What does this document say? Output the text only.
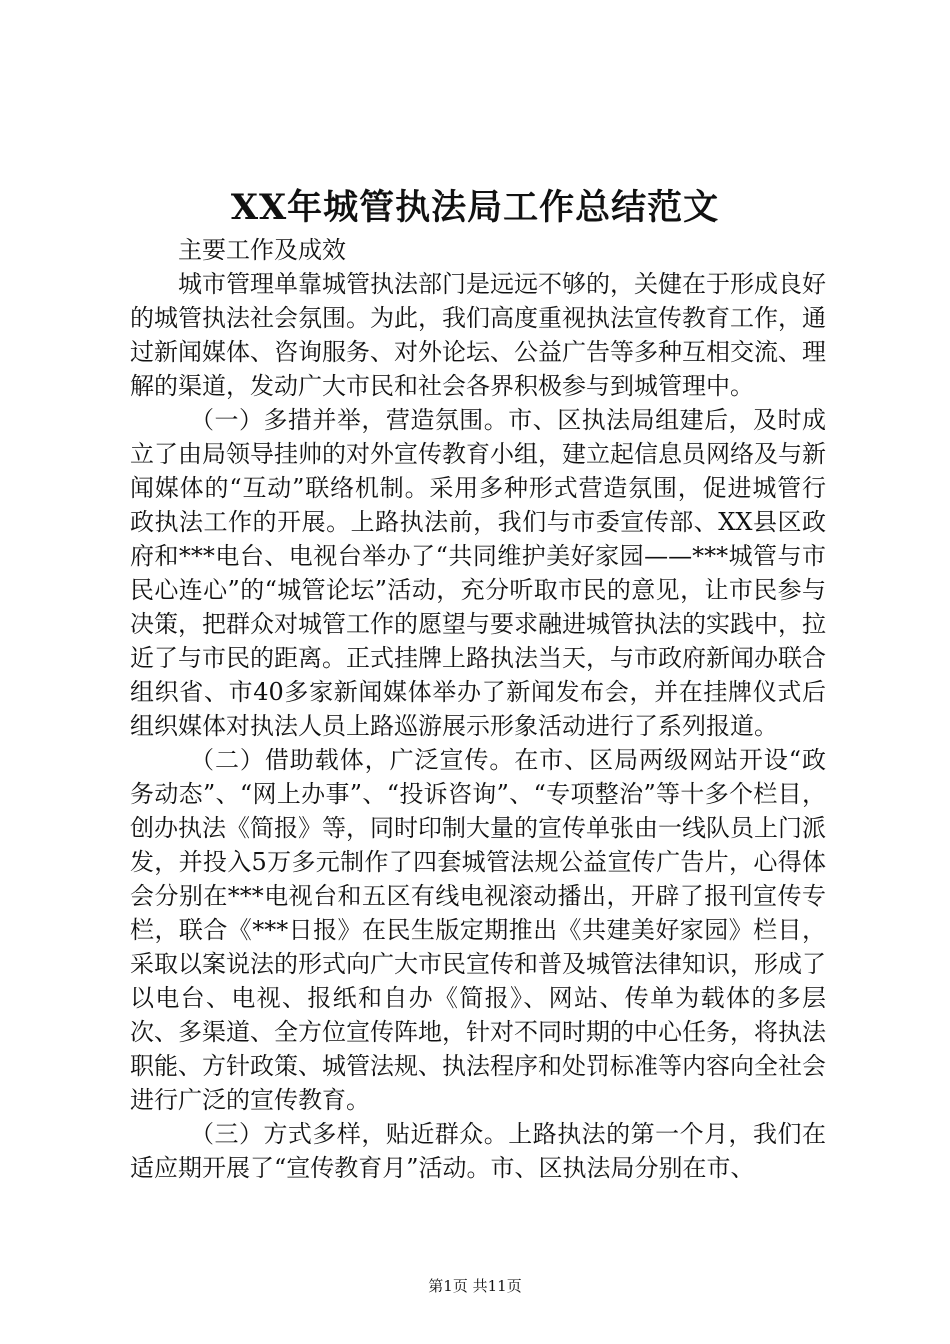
XX年城管执法局工作总结范文

主要工作及成效

城市管理单靠城管执法部门是远远不够的，关健在于形成良好的城管执法社会氛围。为此，我们高度重视执法宣传教育工作，通过新闻媒体、咨询服务、对外论坛、公益广告等多种互相交流、理解的渠道，发动广大市民和社会各界积极参与到城管理中。

（一）多措并举，营造氛围。市、区执法局组建后，及时成立了由局领导挂帅的对外宣传教育小组，建立起信息员网络及与新闻媒体的“互动”联络机制。采用多种形式营造氛围，促进城管行政执法工作的开展。上路执法前，我们与市委宣传部、XX县区政府和***电台、电视台举办了“共同维护美好家园——***城管与市民心连心”的“城管论坛”活动，充分听取市民的意见，让市民参与决策，把群众对城管工作的愿望与要求融进城管执法的实践中，拉近了与市民的距离。正式挂牌上路执法当天，与市政府新闻办联合组织省、市40多家新闻媒体举办了新闻发布会，并在挂牌仪式后组织媒体对执法人员上路巡游展示形象活动进行了系列报道。

（二）借助载体，广泛宣传。在市、区局两级网站开设“政务动态”、“网上办事”、“投诉咨询”、“专项整治”等十多个栏目，创办执法《简报》等，同时印制大量的宣传单张由一线队员上门派发，并投入5万多元制作了四套城管法规公益宣传广告片，心得体会分别在***电视台和五区有线电视滚动播出，开辟了报刊宣传专栏，联合《***日报》在民生版定期推出《共建美好家园》栏目，采取以案说法的形式向广大市民宣传和普及城管法律知识，形成了以电台、电视、报纸和自办《简报》、网站、传单为载体的多层次、多渠道、全方位宣传阵地，针对不同时期的中心任务，将执法职能、方针政策、城管法规、执法程序和处罚标准等内容向全社会进行广泛的宣传教育。

（三）方式多样，贴近群众。上路执法的第一个月，我们在适应期开展了“宣传教育月”活动。市、区执法局分别在市、

第1页 共11页
